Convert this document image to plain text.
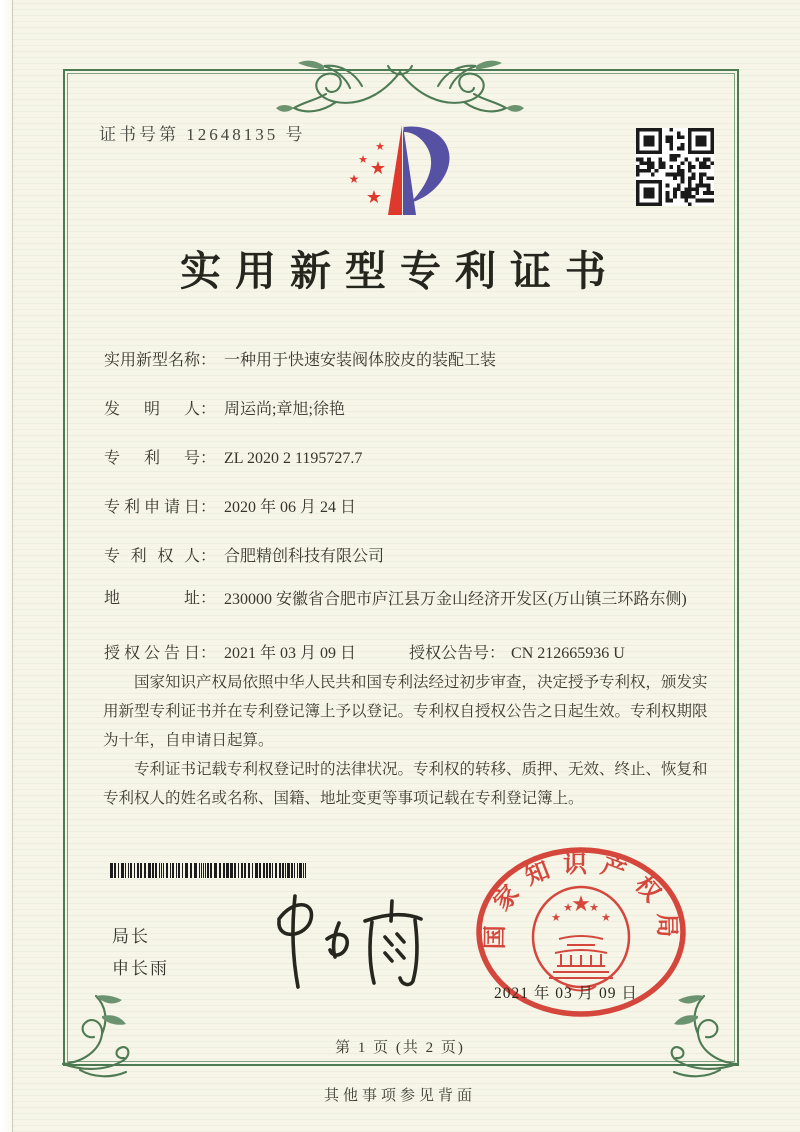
证书号第 12648135 号
★
★
★ ★
★
实用新型专利证书
实用新型名称： 一种用于快速安装阀体胶皮的装配工装
发明人： 周运尚;章旭;徐艳
专利号： ZL 2020 2 1195727.7
专利申请日： 2020 年 06 月 24 日
专利权人： 合肥精创科技有限公司
地址： 230000 安徽省合肥市庐江县万金山经济开发区(万山镇三环路东侧)
授权公告日： 2021 年 03 月 09 日	授权公告号： CN 212665936 U

国家知识产权局依照中华人民共和国专利法经过初步审查，决定授予专利权，颁发实用新型专利证书并在专利登记簿上予以登记。专利权自授权公告之日起生效。专利权期限为十年，自申请日起算。

专利证书记载专利权登记时的法律状况。专利权的转移、质押、无效、终止、恢复和专利权人的姓名或名称、国籍、地址变更等事项记载在专利登记簿上。

局长
申长雨
国家知识产权局
★
★
★ ★
★
2021 年 03 月 09 日
第 1 页 (共 2 页)
其他事项参见背面
